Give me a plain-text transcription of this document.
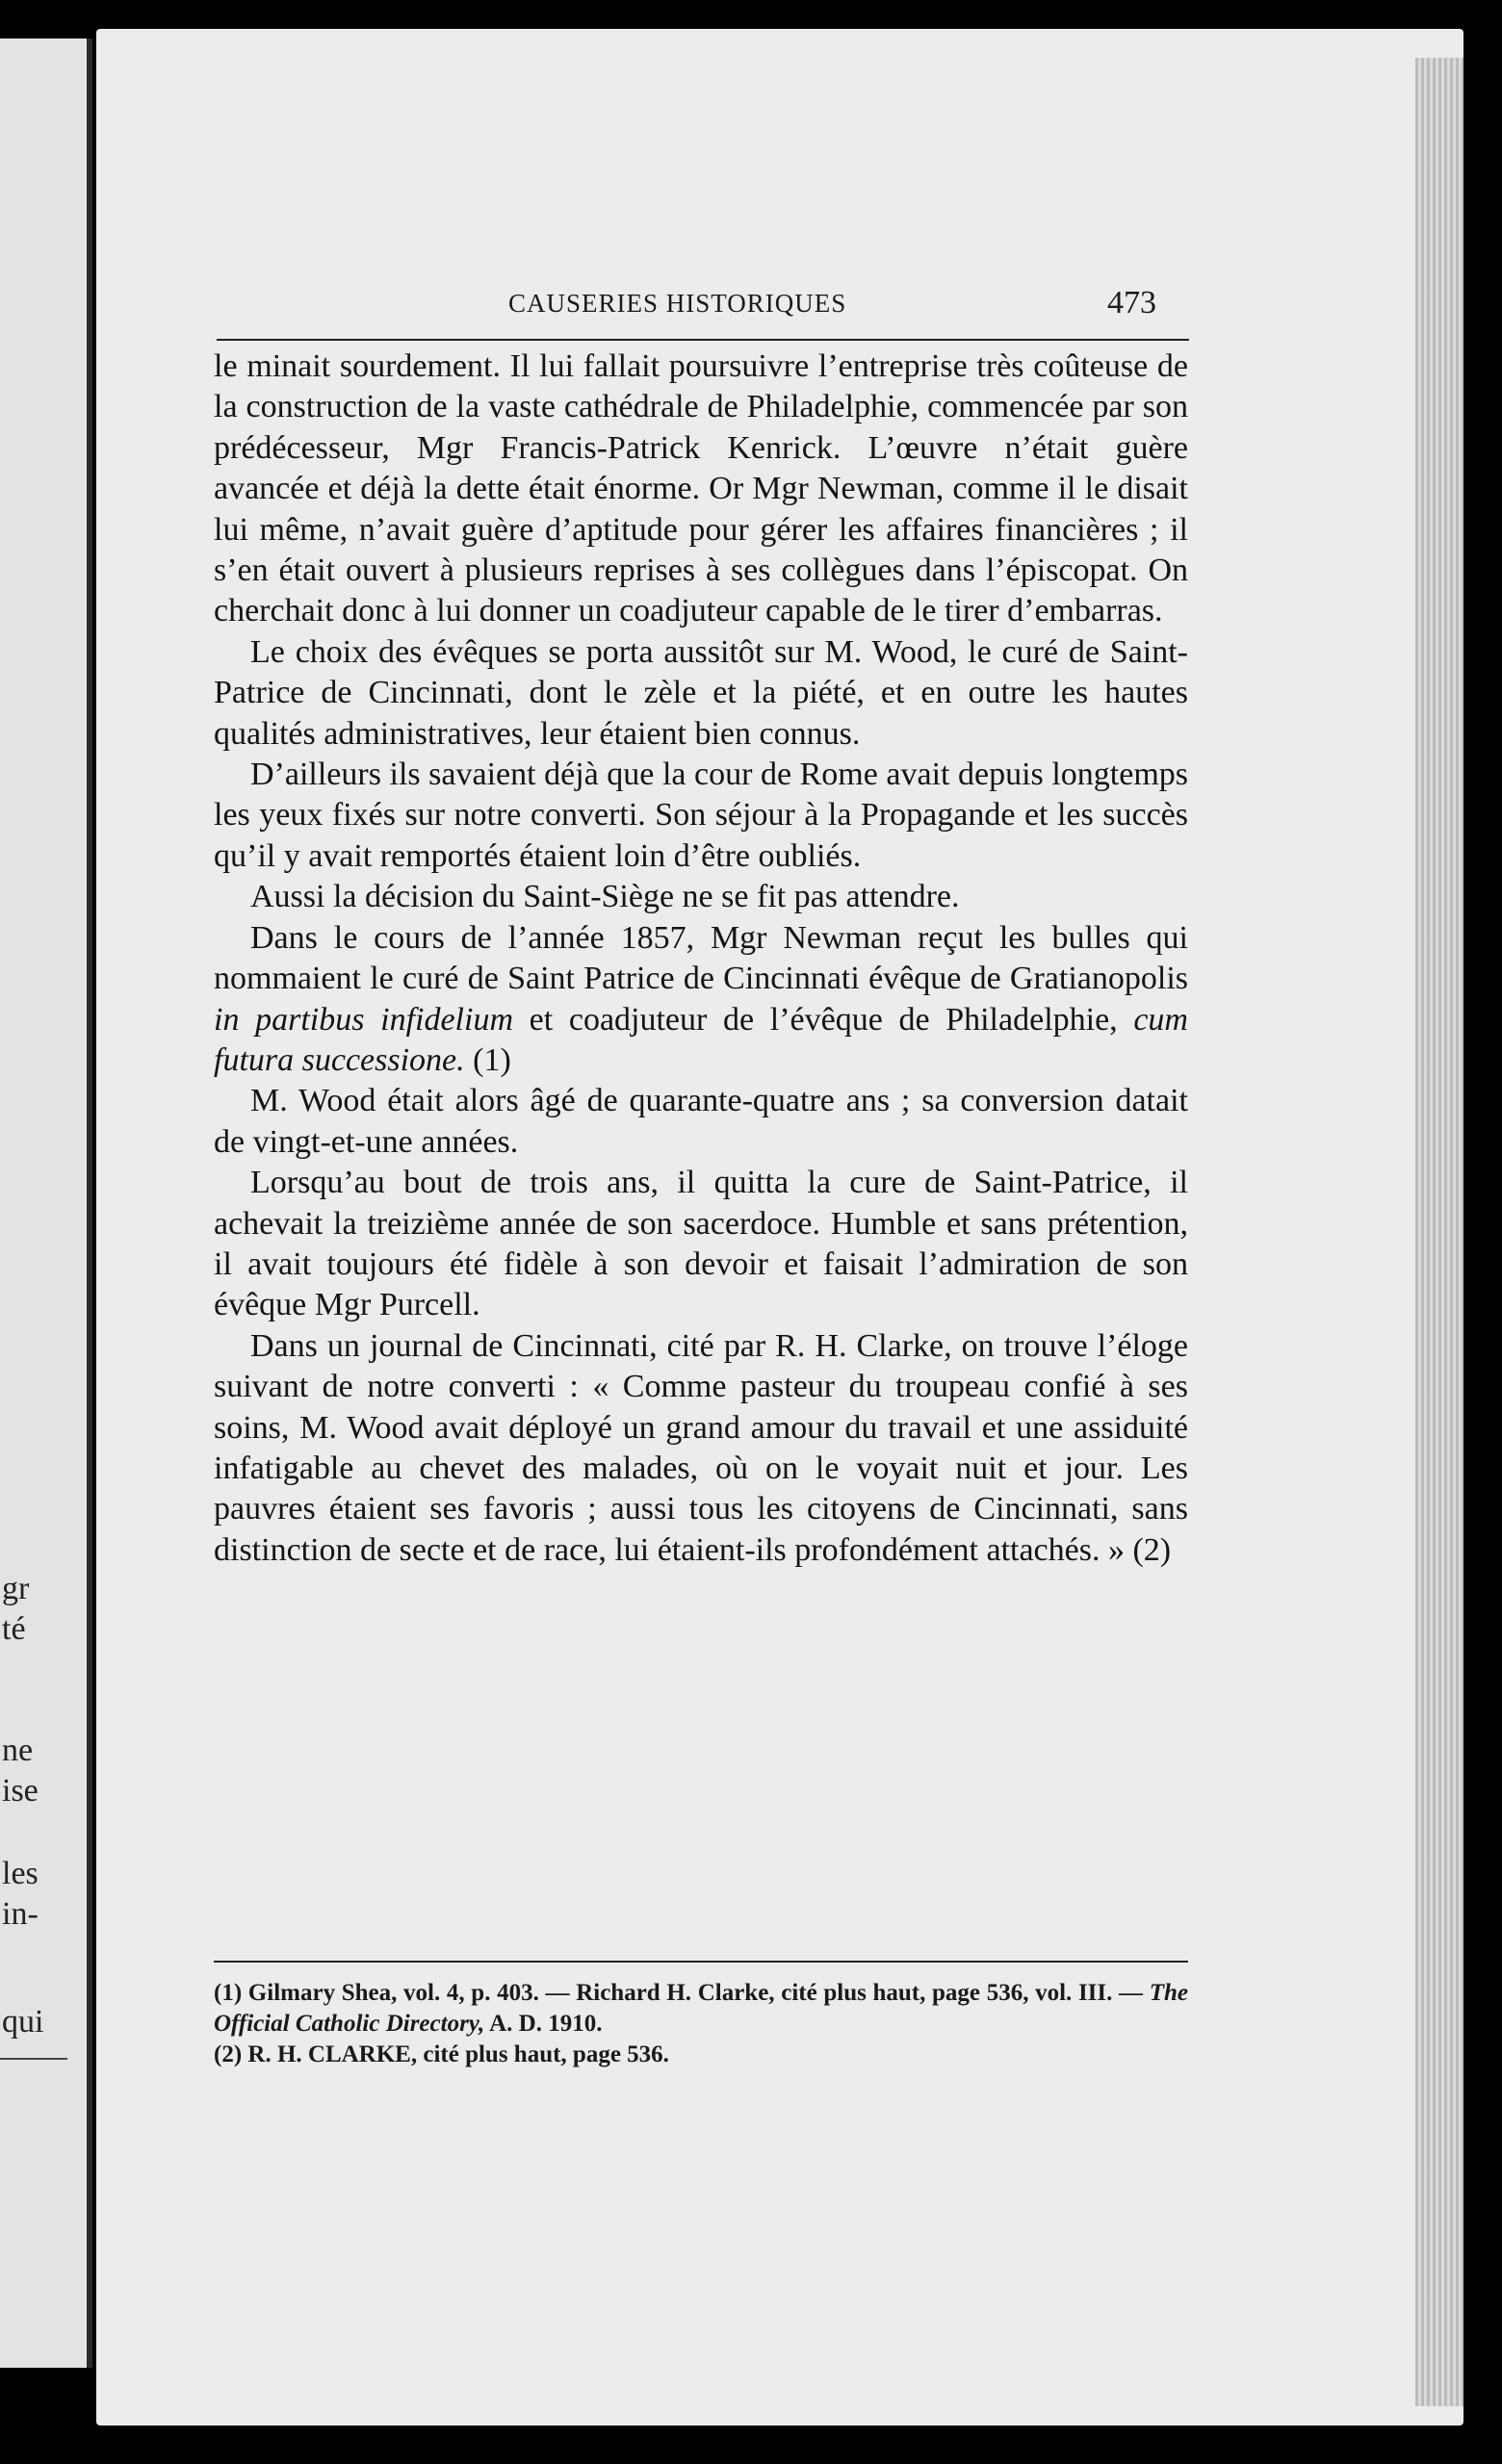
gr
té
ne
ise
les
in-
qui
CAUSERIES HISTORIQUES	473

le minait sourdement. Il lui fallait poursuivre l’entreprise très coûteuse de la construction de la vaste cathédrale de Philadelphie, commencée par son prédécesseur, Mgr Francis-Patrick Kenrick. L’œuvre n’était guère avancée et déjà la dette était énorme. Or Mgr Newman, comme il le disait lui même, n’avait guère d’aptitude pour gérer les affaires financières ; il s’en était ouvert à plusieurs reprises à ses collègues dans l’épiscopat. On cherchait donc à lui donner un coadjuteur capable de le tirer d’embarras.

Le choix des évêques se porta aussitôt sur M. Wood, le curé de Saint-Patrice de Cincinnati, dont le zèle et la piété, et en outre les hautes qualités administratives, leur étaient bien connus.

D’ailleurs ils savaient déjà que la cour de Rome avait depuis longtemps les yeux fixés sur notre converti. Son séjour à la Propagande et les succès qu’il y avait remportés étaient loin d’être oubliés.

Aussi la décision du Saint-Siège ne se fit pas attendre.

Dans le cours de l’année 1857, Mgr Newman reçut les bulles qui nommaient le curé de Saint Patrice de Cincinnati évêque de Gratianopolis in partibus infidelium et coadjuteur de l’évêque de Philadelphie, cum futura successione. (1)

M. Wood était alors âgé de quarante-quatre ans ; sa conversion datait de vingt-et-une années.

Lorsqu’au bout de trois ans, il quitta la cure de Saint-Patrice, il achevait la treizième année de son sacerdoce. Humble et sans prétention, il avait toujours été fidèle à son devoir et faisait l’admiration de son évêque Mgr Purcell.

Dans un journal de Cincinnati, cité par R. H. Clarke, on trouve l’éloge suivant de notre converti : « Comme pasteur du troupeau confié à ses soins, M. Wood avait déployé un grand amour du travail et une assiduité infatigable au chevet des malades, où on le voyait nuit et jour. Les pauvres étaient ses favoris ; aussi tous les citoyens de Cincinnati, sans distinction de secte et de race, lui étaient-ils profondément attachés. » (2)

(1) Gilmary Shea, vol. 4, p. 403. — Richard H. Clarke, cité plus haut, page 536, vol. III. — The Official Catholic Directory, A. D. 1910.

(2) R. H. CLARKE, cité plus haut, page 536.
